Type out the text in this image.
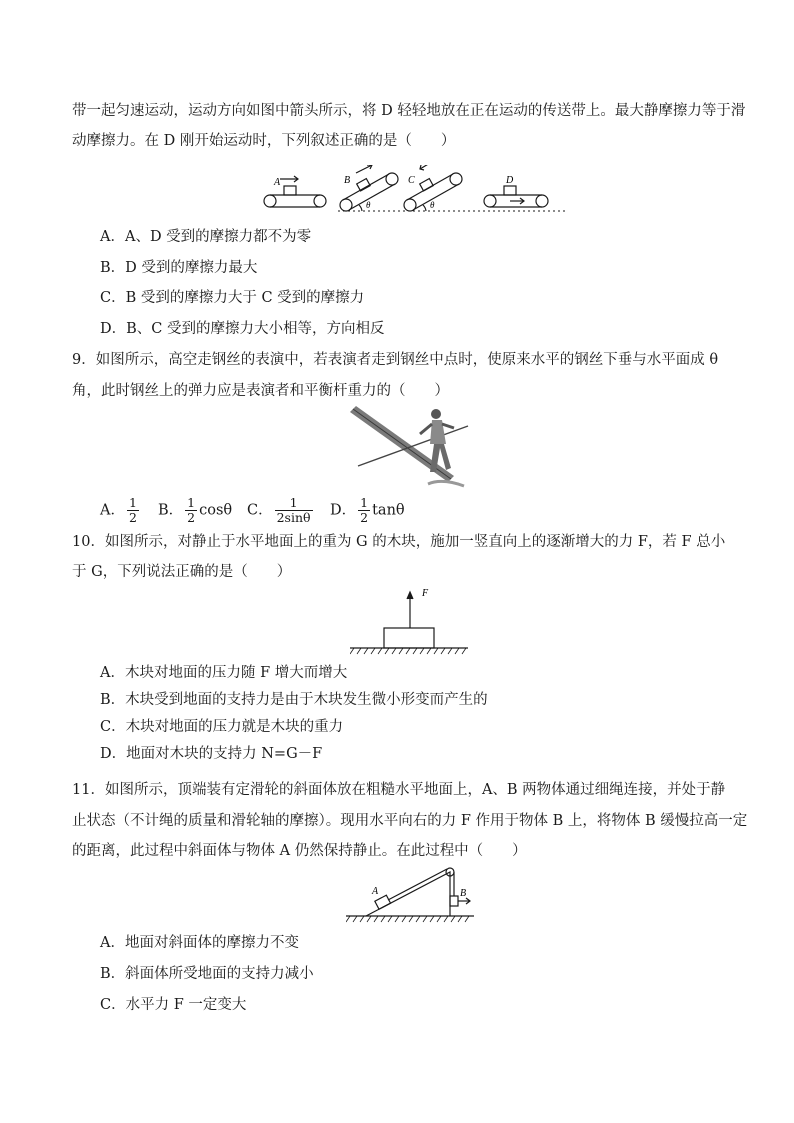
带一起匀速运动，运动方向如图中箭头所示，将 D 轻轻地放在正在运动的传送带上。最大静摩擦力等于滑
动摩擦力。在 D 刚开始运动时，下列叙述正确的是（　　）
A	B	C	D
θ	θ
A．A、D 受到的摩擦力都不为零
B．D 受到的摩擦力最大
C．B 受到的摩擦力大于 C 受到的摩擦力
D．B、C 受到的摩擦力大小相等，方向相反
9．如图所示，高空走钢丝的表演中，若表演者走到钢丝中点时，使原来水平的钢丝下垂与水平面成 θ
角，此时钢丝上的弹力应是表演者和平衡杆重力的（　　）
A． $\frac{1}{2}$ B． $\frac{1}{2}$ cosθ C． $\frac{1}{2\sin\theta}$ D． $\frac{1}{2}$ tanθ
10．如图所示，对静止于水平地面上的重为 G 的木块，施加一竖直向上的逐渐增大的力 F，若 F 总小
于 G，下列说法正确的是（　　）
F
A．木块对地面的压力随 F 增大而增大
B．木块受到地面的支持力是由于木块发生微小形变而产生的
C．木块对地面的压力就是木块的重力
D．地面对木块的支持力 N=G－F
11．如图所示，顶端装有定滑轮的斜面体放在粗糙水平地面上，A、B 两物体通过细绳连接，并处于静
止状态（不计绳的质量和滑轮轴的摩擦）。现用水平向右的力 F 作用于物体 B 上，将物体 B 缓慢拉高一定
的距离，此过程中斜面体与物体 A 仍然保持静止。在此过程中（　　）
A	B
A．地面对斜面体的摩擦力不变
B．斜面体所受地面的支持力减小
C．水平力 F 一定变大
